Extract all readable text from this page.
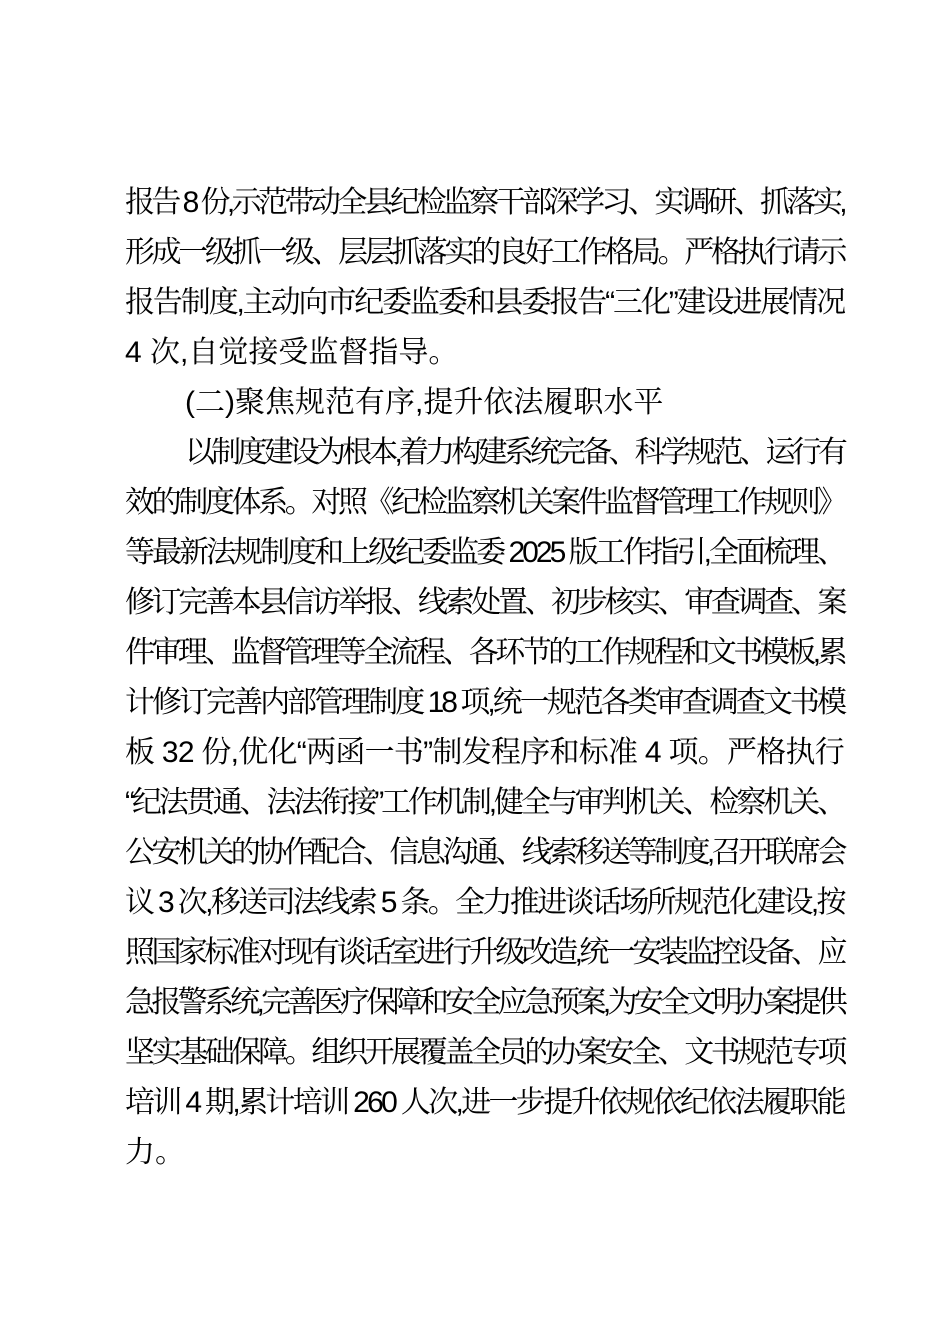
报告 8 份,示范带动全县纪检监察干部深学习、实调研、抓落实,
形成一级抓一级、层层抓落实的良好工作格局。严格执行请示
报告制度,主动向市纪委监委和县委报告“三化”建设进展情况
4 次,自觉接受监督指导。
(二)聚焦规范有序,提升依法履职水平
以制度建设为根本,着力构建系统完备、科学规范、运行有
效的制度体系。对照《纪检监察机关案件监督管理工作规则》
等最新法规制度和上级纪委监委 2025 版工作指引,全面梳理、
修订完善本县信访举报、线索处置、初步核实、审查调查、案
件审理、监督管理等全流程、各环节的工作规程和文书模板,累
计修订完善内部管理制度 18 项,统一规范各类审查调查文书模
板 32 份,优化“两函一书”制发程序和标准 4 项。严格执行
“纪法贯通、法法衔接”工作机制,健全与审判机关、检察机关、
公安机关的协作配合、信息沟通、线索移送等制度,召开联席会
议 3 次,移送司法线索 5 条。全力推进谈话场所规范化建设,按
照国家标准对现有谈话室进行升级改造,统一安装监控设备、应
急报警系统,完善医疗保障和安全应急预案,为安全文明办案提供
坚实基础保障。组织开展覆盖全员的办案安全、文书规范专项
培训 4 期,累计培训 260 人次,进一步提升依规依纪依法履职能
力。
